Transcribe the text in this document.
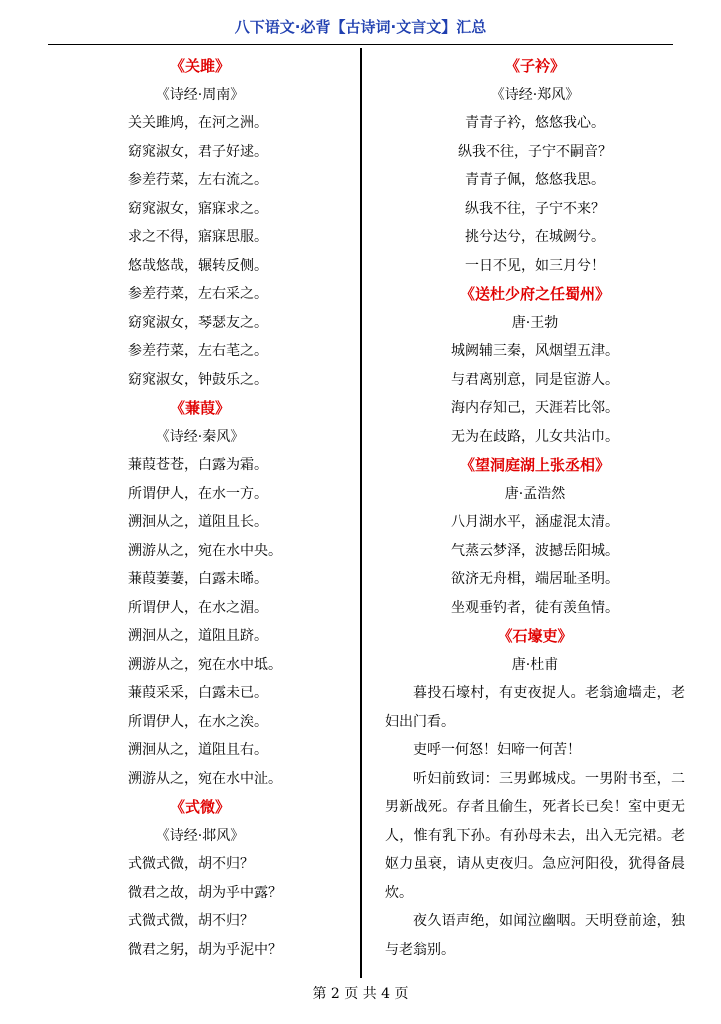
八下语文·必背【古诗词·文言文】汇总
《关雎》
《诗经·周南》
关关雎鸠，在河之洲。
窈窕淑女，君子好逑。
参差荇菜，左右流之。
窈窕淑女，寤寐求之。
求之不得，寤寐思服。
悠哉悠哉，辗转反侧。
参差荇菜，左右采之。
窈窕淑女，琴瑟友之。
参差荇菜，左右芼之。
窈窕淑女，钟鼓乐之。
《蒹葭》
《诗经·秦风》
蒹葭苍苍，白露为霜。
所谓伊人，在水一方。
溯洄从之，道阻且长。
溯游从之，宛在水中央。
蒹葭萋萋，白露未晞。
所谓伊人，在水之湄。
溯洄从之，道阻且跻。
溯游从之，宛在水中坻。
蒹葭采采，白露未已。
所谓伊人，在水之涘。
溯洄从之，道阻且右。
溯游从之，宛在水中沚。
《式微》
《诗经·邶风》
式微式微，胡不归？
微君之故，胡为乎中露？
式微式微，胡不归？
微君之躬，胡为乎泥中？
《子衿》
《诗经·郑风》
青青子衿，悠悠我心。
纵我不往，子宁不嗣音？
青青子佩，悠悠我思。
纵我不往，子宁不来？
挑兮达兮，在城阙兮。
一日不见，如三月兮！
《送杜少府之任蜀州》
唐·王勃
城阙辅三秦，风烟望五津。
与君离别意，同是宦游人。
海内存知己，天涯若比邻。
无为在歧路，儿女共沾巾。
《望洞庭湖上张丞相》
唐·孟浩然
八月湖水平，涵虚混太清。
气蒸云梦泽，波撼岳阳城。
欲济无舟楫，端居耻圣明。
坐观垂钓者，徒有羡鱼情。
《石壕吏》
唐·杜甫

暮投石壕村，有吏夜捉人。老翁逾墙走，老妇出门看。

吏呼一何怒！妇啼一何苦！

听妇前致词：三男邺城戍。一男附书至，二男新战死。存者且偷生，死者长已矣！室中更无人，惟有乳下孙。有孙母未去，出入无完裙。老妪力虽衰，请从吏夜归。急应河阳役，犹得备晨炊。

夜久语声绝，如闻泣幽咽。天明登前途，独与老翁别。

第 2 页 共 4 页
